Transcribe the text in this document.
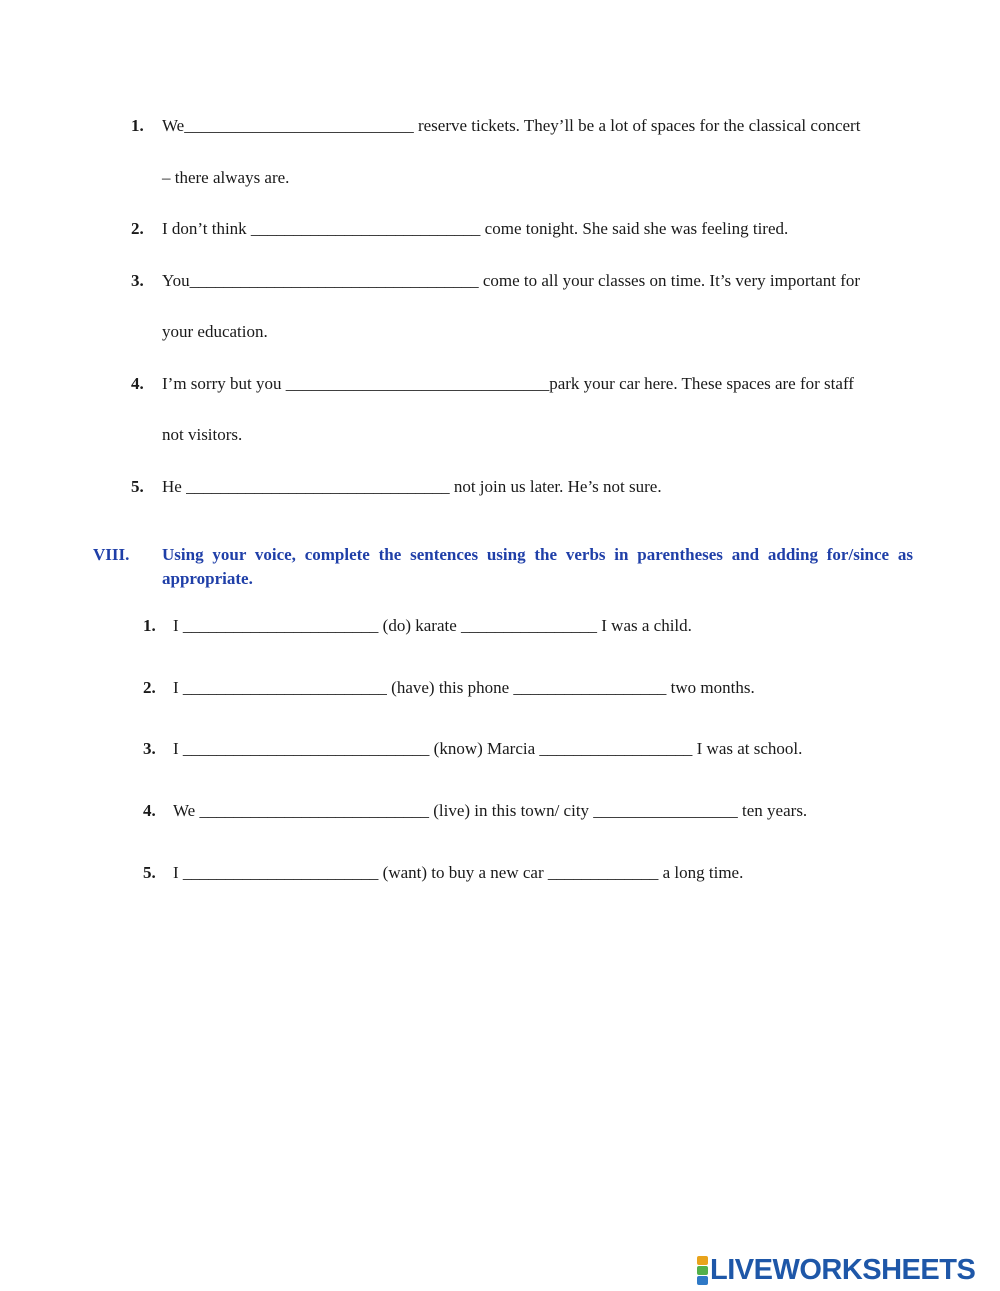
1. We___________________________ reserve tickets. They’ll be a lot of spaces for the classical concert
– there always are.
2. I don’t think ___________________________ come tonight. She said she was feeling tired.
3. You__________________________________ come to all your classes on time. It’s very important for
your education.
4. I’m sorry but you _______________________________park your car here. These spaces are for staff
not visitors.
5. He _______________________________ not join us later. He’s not sure.
VIII. Using your voice, complete the sentences using the verbs in parentheses and adding for/since as appropriate.
1. I _______________________ (do) karate ________________ I was a child.
2. I ________________________ (have) this phone __________________ two months.
3. I _____________________________ (know) Marcia __________________ I was at school.
4. We ___________________________ (live) in this town/ city _________________ ten years.
5. I _______________________ (want) to buy a new car _____________ a long time.
LIVEWORKSHEETS
